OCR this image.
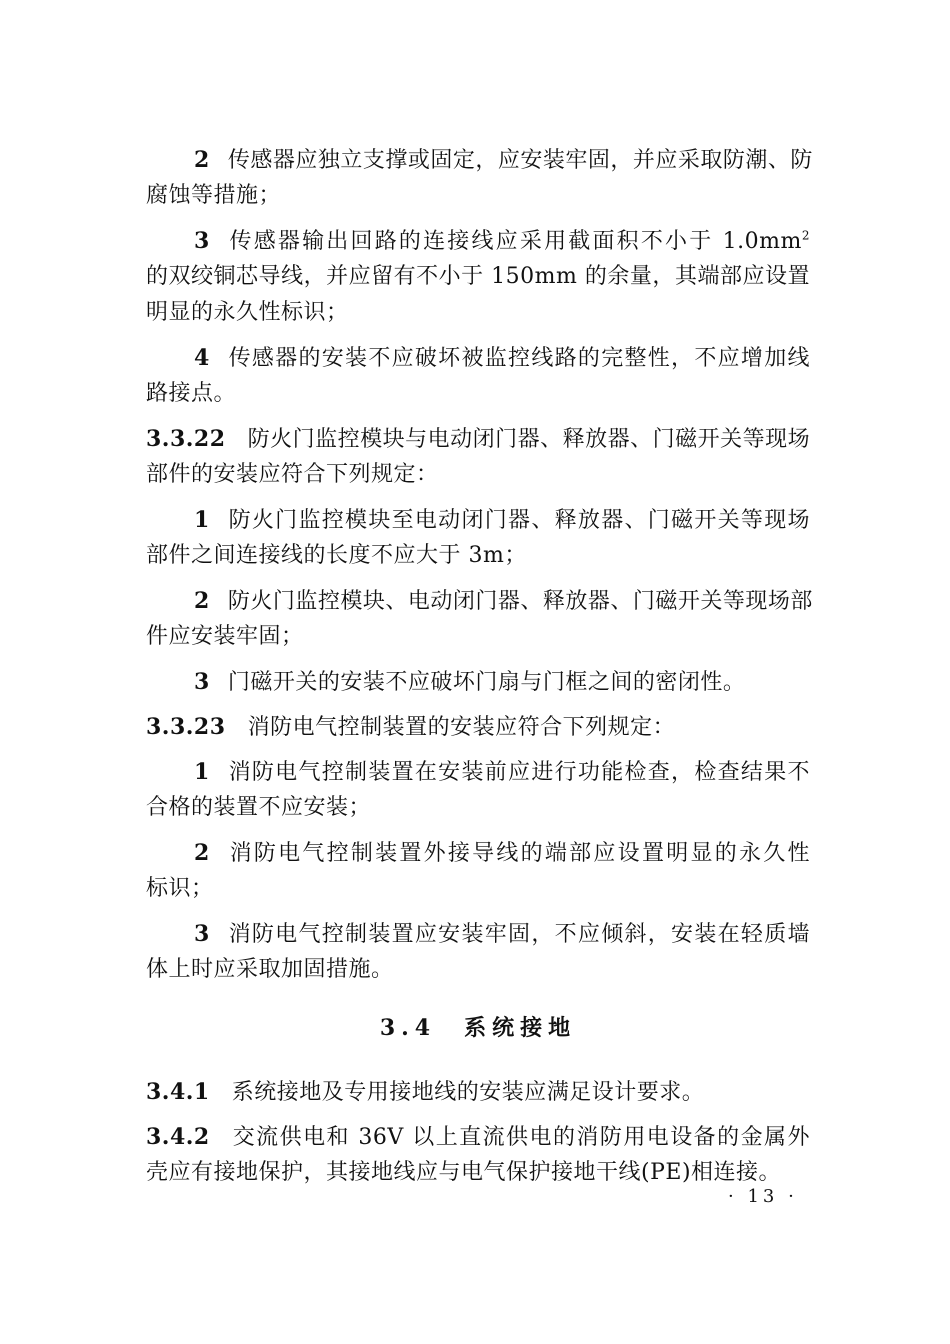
2 传感器应独立支撑或固定，应安装牢固，并应采取防潮、防
腐蚀等措施；
3 传感器输出回路的连接线应采用截面积不小于 $1.0mm^2$
的双绞铜芯导线，并应留有不小于 150mm 的余量，其端部应设置
明显的永久性标识；
4 传感器的安装不应破坏被监控线路的完整性，不应增加线
路接点。
3.3.22 防火门监控模块与电动闭门器、释放器、门磁开关等现场
部件的安装应符合下列规定：
1 防火门监控模块至电动闭门器、释放器、门磁开关等现场
部件之间连接线的长度不应大于 3m；
2 防火门监控模块、电动闭门器、释放器、门磁开关等现场部
件应安装牢固；
3 门磁开关的安装不应破坏门扇与门框之间的密闭性。
3.3.23 消防电气控制装置的安装应符合下列规定：
1 消防电气控制装置在安装前应进行功能检查，检查结果不
合格的装置不应安装；
2 消防电气控制装置外接导线的端部应设置明显的永久性
标识；
3 消防电气控制装置应安装牢固，不应倾斜，安装在轻质墙
体上时应采取加固措施。
3.4  系统接地
3.4.1 系统接地及专用接地线的安装应满足设计要求。
3.4.2 交流供电和 36V 以上直流供电的消防用电设备的金属外
壳应有接地保护，其接地线应与电气保护接地干线(PE)相连接。
· 13 ·
